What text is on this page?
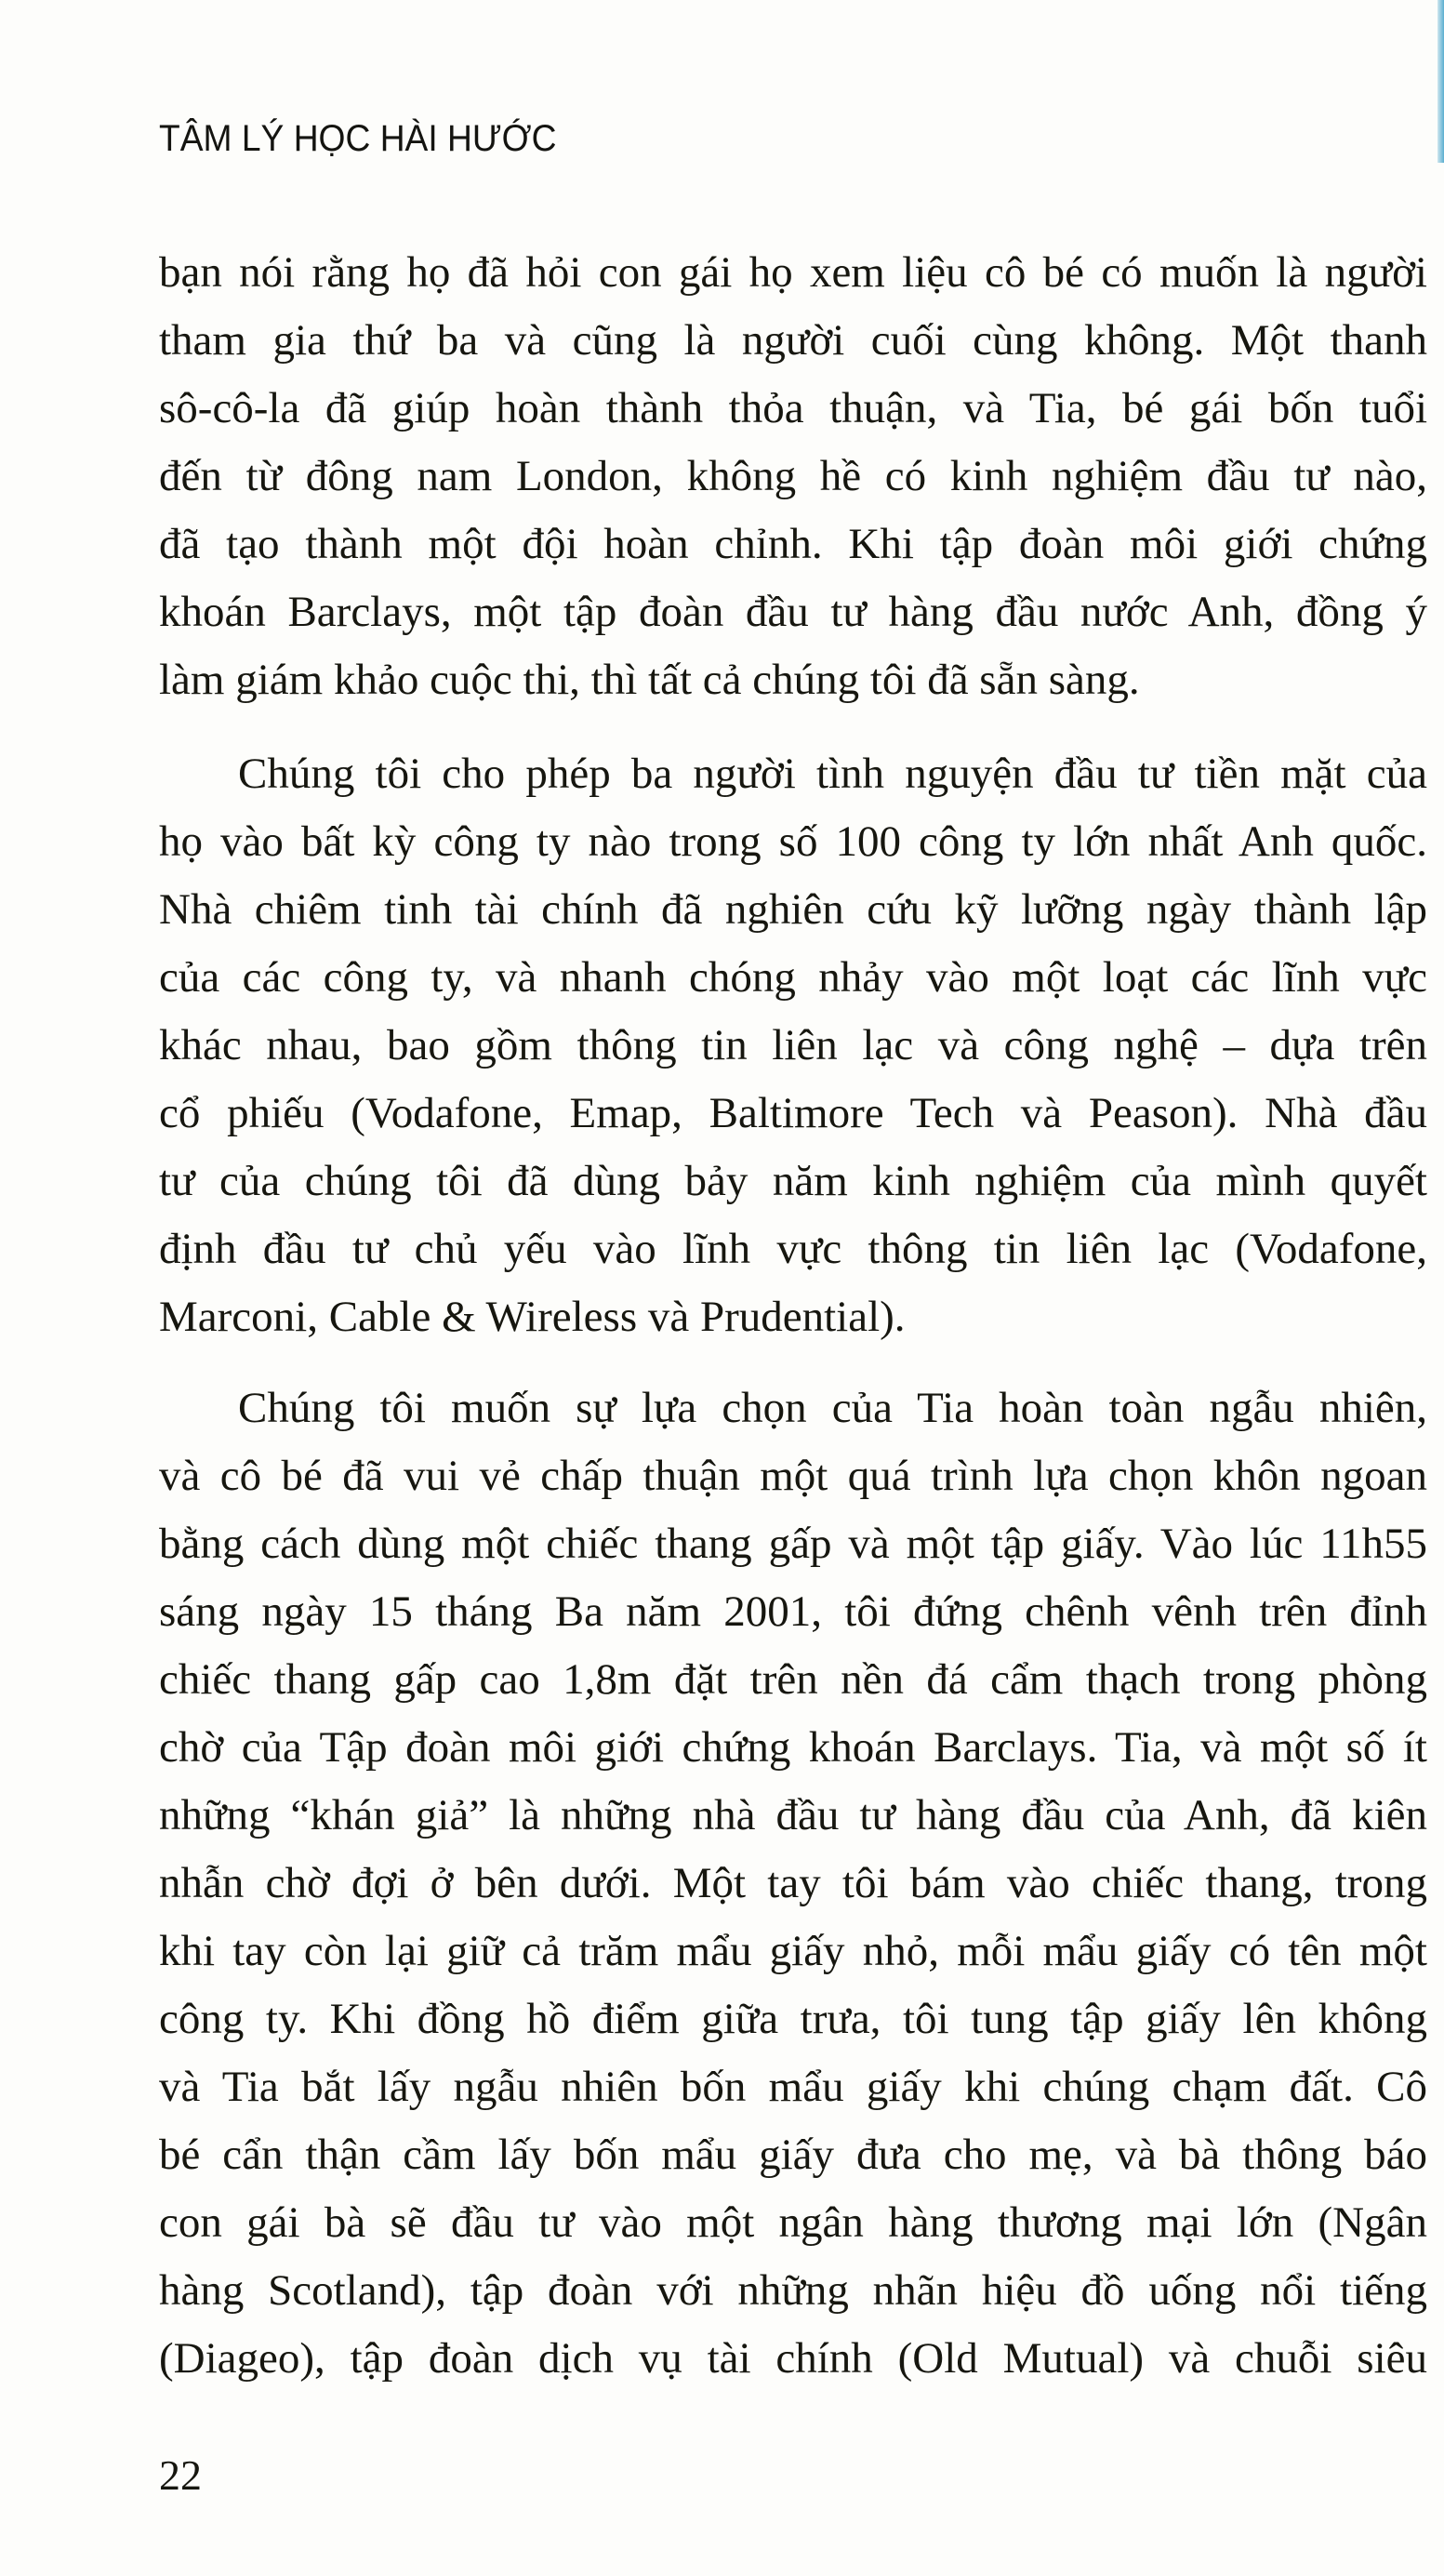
TÂM LÝ HỌC HÀI HƯỚC
bạn nói rằng họ đã hỏi con gái họ xem liệu cô bé có muốn là người
tham gia thứ ba và cũng là người cuối cùng không. Một thanh
sô-cô-la đã giúp hoàn thành thỏa thuận, và Tia, bé gái bốn tuổi
đến từ đông nam London, không hề có kinh nghiệm đầu tư nào,
đã tạo thành một đội hoàn chỉnh. Khi tập đoàn môi giới chứng
khoán Barclays, một tập đoàn đầu tư hàng đầu nước Anh, đồng ý
làm giám khảo cuộc thi, thì tất cả chúng tôi đã sẵn sàng.
Chúng tôi cho phép ba người tình nguyện đầu tư tiền mặt của
họ vào bất kỳ công ty nào trong số 100 công ty lớn nhất Anh quốc.
Nhà chiêm tinh tài chính đã nghiên cứu kỹ lưỡng ngày thành lập
của các công ty, và nhanh chóng nhảy vào một loạt các lĩnh vực
khác nhau, bao gồm thông tin liên lạc và công nghệ – dựa trên
cổ phiếu (Vodafone, Emap, Baltimore Tech và Peason). Nhà đầu
tư của chúng tôi đã dùng bảy năm kinh nghiệm của mình quyết
định đầu tư chủ yếu vào lĩnh vực thông tin liên lạc (Vodafone,
Marconi, Cable & Wireless và Prudential).
Chúng tôi muốn sự lựa chọn của Tia hoàn toàn ngẫu nhiên,
và cô bé đã vui vẻ chấp thuận một quá trình lựa chọn khôn ngoan
bằng cách dùng một chiếc thang gấp và một tập giấy. Vào lúc 11h55
sáng ngày 15 tháng Ba năm 2001, tôi đứng chênh vênh trên đỉnh
chiếc thang gấp cao 1,8m đặt trên nền đá cẩm thạch trong phòng
chờ của Tập đoàn môi giới chứng khoán Barclays. Tia, và một số ít
những “khán giả” là những nhà đầu tư hàng đầu của Anh, đã kiên
nhẫn chờ đợi ở bên dưới. Một tay tôi bám vào chiếc thang, trong
khi tay còn lại giữ cả trăm mẩu giấy nhỏ, mỗi mẩu giấy có tên một
công ty. Khi đồng hồ điểm giữa trưa, tôi tung tập giấy lên không
và Tia bắt lấy ngẫu nhiên bốn mẩu giấy khi chúng chạm đất. Cô
bé cẩn thận cầm lấy bốn mẩu giấy đưa cho mẹ, và bà thông báo
con gái bà sẽ đầu tư vào một ngân hàng thương mại lớn (Ngân
hàng Scotland), tập đoàn với những nhãn hiệu đồ uống nổi tiếng
(Diageo), tập đoàn dịch vụ tài chính (Old Mutual) và chuỗi siêu
22
